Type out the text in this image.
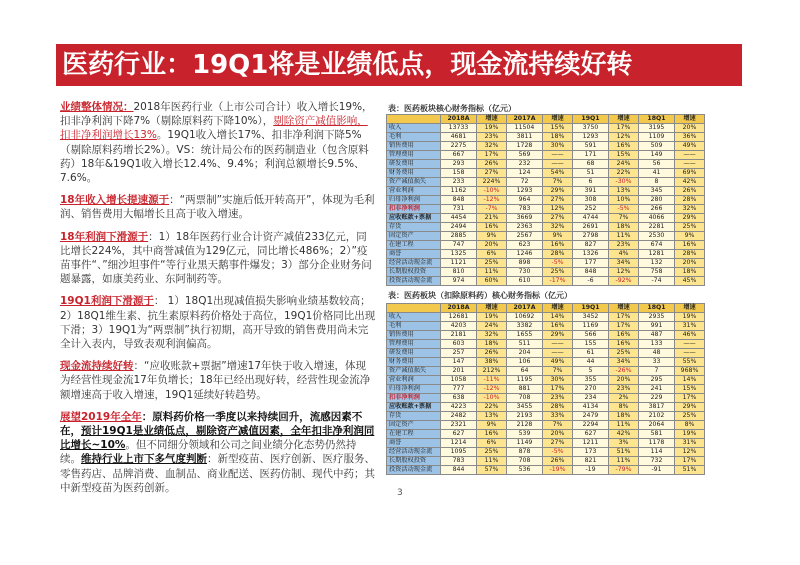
医药行业：19Q1将是业绩低点，现金流持续好转

业绩整体情况：2018年医药行业（上市公司合计）收入增长19%，扣非净利润下降7%（剔除原料药下降10%），剔除资产减值影响，扣非净利润增长13%。19Q1收入增长17%、扣非净利润下降5%（剔除原料药增长2%）。VS：统计局公布的医药制造业（包含原料药）18年&19Q1收入增长12.4%、9.4%；利润总额增长9.5%、7.6%。

18年收入增长提速源于：“两票制”实施后低开转高开”，体现为毛利润、销售费用大幅增长且高于收入增速。

18年利润下滑源于：1）18年医药行业合计资产减值233亿元，同比增长224%，其中商誉减值为129亿元，同比增长486%；2）”疫苗事件“、”细沙坦事件“等行业黑天鹅事件爆发；3）部分企业财务问题暴露，如康美药业、东阿制药等。

19Q1利润下滑源于： 1）18Q1出现减值损失影响业绩基数较高；2）18Q1维生素、抗生素原料药价格处于高位，19Q1价格同比出现下滑；3）19Q1为“两票制”执行初期，高开导致的销售费用尚未完全计入表内，导致表观利润偏高。

现金流持续好转：“应收账款+票据”增速17年快于收入增速，体现为经营性现金流17年负增长；18年已经出现好转，经营性现金流净额增速高于收入增速，19Q1延续好转趋势。

展望2019年全年：原料药价格一季度以来持续回升，流感因素不在，预计19Q1是业绩低点，剔除资产减值因素，全年扣非净利润同比增长~10%。但不同细分领域和公司之间业绩分化态势仍然持续。维持行业上市下多气度判断：新型疫苗、医疗创新、医疗服务、零售药店、品牌消费、血制品、商业配送、医药仿制、现代中药；其中新型疫苗为医药创新。

表：医药板块核心财务指标（亿元）
	2018A	增速	2017A	增速	19Q1	增速	18Q1	增速
收入	13733	19%	11504	15%	3750	17%	3195	20%
毛利	4681	23%	3811	18%	1293	12%	1109	36%
销售费用	2275	32%	1728	30%	591	16%	509	49%
管理费用	667	17%	569	——	171	15%	149	——
研发费用	293	26%	232	——	68	24%	56	——
财务费用	158	27%	124	54%	51	22%	41	69%
资产减值损失	233	224%	72	7%	6	-30%	8	42%
营业利润	1162	-10%	1293	29%	391	13%	345	26%
归母净利润	848	-12%	964	27%	308	10%	280	28%
扣非净利润	731	-7%	783	12%	252	-5%	266	32%
应收账款+票据	4454	21%	3669	27%	4744	7%	4066	29%
存货	2494	16%	2363	32%	2691	18%	2281	25%
固定资产	2885	9%	2567	9%	2798	11%	2530	9%
在建工程	747	20%	623	16%	827	23%	674	16%
商誉	1325	6%	1246	28%	1326	4%	1281	28%
经营活动现金流	1121	25%	898	-5%	177	34%	132	20%
长期股权投资	810	11%	730	25%	848	12%	758	18%
投资活动现金流	974	60%	610	-17%	-6	-92%	-74	45%
表：医药板块（扣除原料药）核心财务指标（亿元）
	2018A	增速	2017A	增速	19Q1	增速	18Q1	增速
收入	12681	19%	10692	14%	3452	17%	2935	19%
毛利	4203	24%	3382	16%	1169	17%	991	31%
销售费用	2181	32%	1655	29%	566	16%	487	46%
管理费用	603	18%	511	——	155	16%	133	——
研发费用	257	26%	204	——	61	25%	48	——
财务费用	147	38%	106	49%	44	34%	33	55%
资产减值损失	201	212%	64	7%	5	-26%	7	968%
营业利润	1058	-11%	1195	30%	355	20%	295	14%
归母净利润	777	-12%	881	17%	270	23%	241	15%
扣非净利润	638	-10%	708	23%	234	2%	229	17%
应收账款+票据	4223	22%	3455	28%	4134	8%	3817	29%
存货	2482	13%	2193	33%	2479	18%	2102	25%
固定资产	2321	9%	2128	7%	2294	11%	2064	8%
在建工程	627	16%	539	20%	627	42%	581	19%
商誉	1214	6%	1149	27%	1211	3%	1178	31%
经营活动现金流	1095	25%	878	-5%	173	51%	114	12%
长期股权投资	783	11%	708	26%	821	11%	732	17%
投资活动现金流	844	57%	536	-19%	-19	-79%	-91	51%
3
